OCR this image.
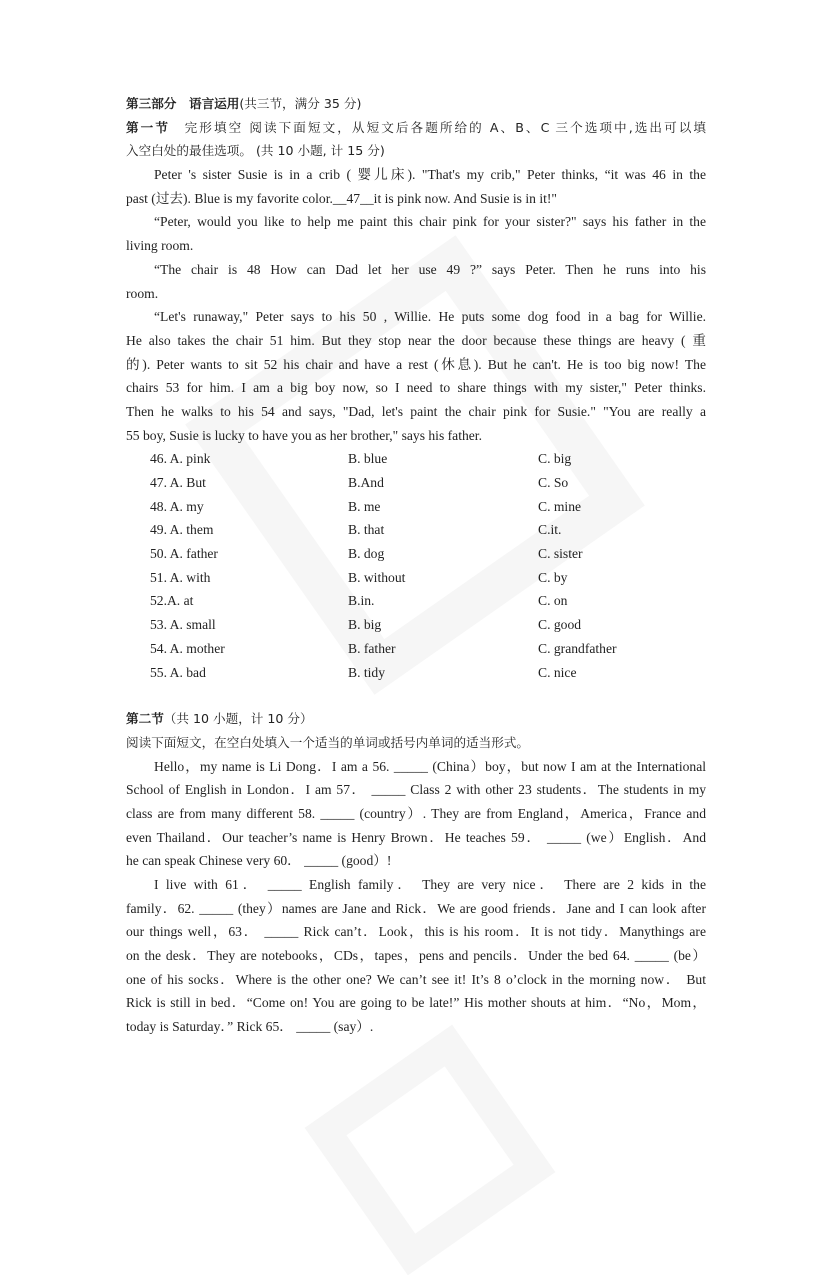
第三部分　语言运用(共三节，满分 35 分)
第一节　完形填空 阅读下面短文，从短文后各题所给的 A、B、C 三个选项中,选出可以填
入空白处的最佳选项。 (共 10 小题, 计 15 分)
Peter 's sister Susie is in a crib ( 婴儿床). "That's my crib," Peter thinks, “it was 46 in the
past (过去). Blue is my favorite color.__47__it is pink now. And Susie is in it!"
“Peter, would you like to help me paint this chair pink for your sister?" says his father in the
living room.
“The chair is 48 How can Dad let her use 49 ?” says Peter. Then he runs into his
room.
“Let's runaway," Peter says to his 50 , Willie. He puts some dog food in a bag for Willie.
He also takes the chair 51 him. But they stop near the door because these things are heavy ( 重
的). Peter wants to sit 52 his chair and have a rest (休息). But he can't. He is too big now! The
chairs 53 for him. I am a big boy now, so I need to share things with my sister," Peter thinks.
Then he walks to his 54 and says, "Dad, let's paint the chair pink for Susie." "You are really a
55 boy, Susie is lucky to have you as her brother," says his father.
46. A. pink	B. blue	C. big
47. A. But	B.And	C. So
48. A. my	B. me	C. mine
49. A. them	B. that	C.it.
50. A. father	B. dog	C. sister
51. A. with	B. without	C. by
52.A. at	B.in.	C. on
53. A. small	B. big	C. good
54. A. mother	B. father	C. grandfather
55. A. bad	B. tidy	C. nice
第二节（共 10 小题，计 10 分）
阅读下面短文，在空白处填入一个适当的单词或括号内单词的适当形式。
Hello，my name is Li Dong．I am a 56. _____ (China）boy，but now I am at the International
School of English in London．I am 57． _____ Class 2 with other 23 students．The students in my
class are from many different 58. _____ (country）. They are from England，America，France and
even Thailand．Our teacher’s name is Henry Brown．He teaches 59． _____ (we）English．And
he can speak Chinese very 60． _____ (good）!
I live with 61． _____ English family． They are very nice． There are 2 kids in the
family．62. _____ (they）names are Jane and Rick．We are good friends．Jane and I can look after
our things well，63． _____ Rick can’t．Look，this is his room．It is not tidy．Manythings are
on the desk．They are notebooks，CDs，tapes，pens and pencils．Under the bed 64. _____ (be）
one of his socks．Where is the other one? We can’t see it! It’s 8 o’clock in the morning now． But
Rick is still in bed．“Come on! You are going to be late!” His mother shouts at him．“No，Mom，
today is Saturday．” Rick 65． _____ (say）.
